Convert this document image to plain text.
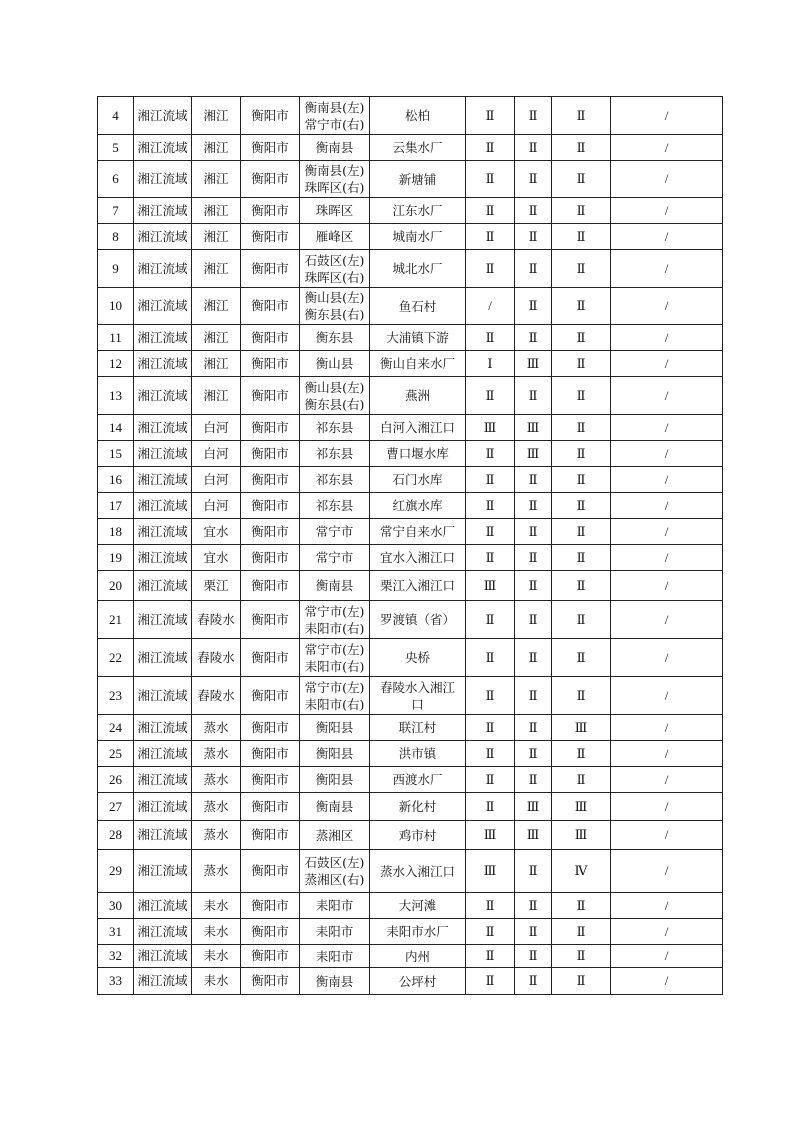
4	湘江流域	湘江	衡阳市	衡南县(左)
常宁市(右)	松柏	Ⅱ	Ⅱ	Ⅱ	/
5	湘江流域	湘江	衡阳市	衡南县	云集水厂	Ⅱ	Ⅱ	Ⅱ	/
6	湘江流域	湘江	衡阳市	衡南县(左)
珠晖区(右)	新塘铺	Ⅱ	Ⅱ	Ⅱ	/
7	湘江流域	湘江	衡阳市	珠晖区	江东水厂	Ⅱ	Ⅱ	Ⅱ	/
8	湘江流域	湘江	衡阳市	雁峰区	城南水厂	Ⅱ	Ⅱ	Ⅱ	/
9	湘江流域	湘江	衡阳市	石鼓区(左)
珠晖区(右)	城北水厂	Ⅱ	Ⅱ	Ⅱ	/
10	湘江流域	湘江	衡阳市	衡山县(左)
衡东县(右)	鱼石村	/	Ⅱ	Ⅱ	/
11	湘江流域	湘江	衡阳市	衡东县	大浦镇下游	Ⅱ	Ⅱ	Ⅱ	/
12	湘江流域	湘江	衡阳市	衡山县	衡山自来水厂	Ⅰ	Ⅲ	Ⅱ	/
13	湘江流域	湘江	衡阳市	衡山县(左)
衡东县(右)	燕洲	Ⅱ	Ⅱ	Ⅱ	/
14	湘江流域	白河	衡阳市	祁东县	白河入湘江口	Ⅲ	Ⅲ	Ⅱ	/
15	湘江流域	白河	衡阳市	祁东县	曹口堰水库	Ⅱ	Ⅲ	Ⅱ	/
16	湘江流域	白河	衡阳市	祁东县	石门水库	Ⅱ	Ⅱ	Ⅱ	/
17	湘江流域	白河	衡阳市	祁东县	红旗水库	Ⅱ	Ⅱ	Ⅱ	/
18	湘江流域	宜水	衡阳市	常宁市	常宁自来水厂	Ⅱ	Ⅱ	Ⅱ	/
19	湘江流域	宜水	衡阳市	常宁市	宜水入湘江口	Ⅱ	Ⅱ	Ⅱ	/
20	湘江流域	栗江	衡阳市	衡南县	栗江入湘江口	Ⅲ	Ⅱ	Ⅱ	/
21	湘江流域	舂陵水	衡阳市	常宁市(左)
耒阳市(右)	罗渡镇（省）	Ⅱ	Ⅱ	Ⅱ	/
22	湘江流域	舂陵水	衡阳市	常宁市(左)
耒阳市(右)	央桥	Ⅱ	Ⅱ	Ⅱ	/
23	湘江流域	舂陵水	衡阳市	常宁市(左)
耒阳市(右)	舂陵水入湘江口	Ⅱ	Ⅱ	Ⅱ	/
24	湘江流域	蒸水	衡阳市	衡阳县	联江村	Ⅱ	Ⅱ	Ⅲ	/
25	湘江流域	蒸水	衡阳市	衡阳县	洪市镇	Ⅱ	Ⅱ	Ⅱ	/
26	湘江流域	蒸水	衡阳市	衡阳县	西渡水厂	Ⅱ	Ⅱ	Ⅱ	/
27	湘江流域	蒸水	衡阳市	衡南县	新化村	Ⅱ	Ⅲ	Ⅲ	/
28	湘江流域	蒸水	衡阳市	蒸湘区	鸡市村	Ⅲ	Ⅲ	Ⅲ	/
29	湘江流域	蒸水	衡阳市	石鼓区(左)
蒸湘区(右)	蒸水入湘江口	Ⅲ	Ⅱ	Ⅳ	/
30	湘江流域	耒水	衡阳市	耒阳市	大河滩	Ⅱ	Ⅱ	Ⅱ	/
31	湘江流域	耒水	衡阳市	耒阳市	耒阳市水厂	Ⅱ	Ⅱ	Ⅱ	/
32	湘江流域	耒水	衡阳市	耒阳市	内州	Ⅱ	Ⅱ	Ⅱ	/
33	湘江流域	耒水	衡阳市	衡南县	公坪村	Ⅱ	Ⅱ	Ⅱ	/
